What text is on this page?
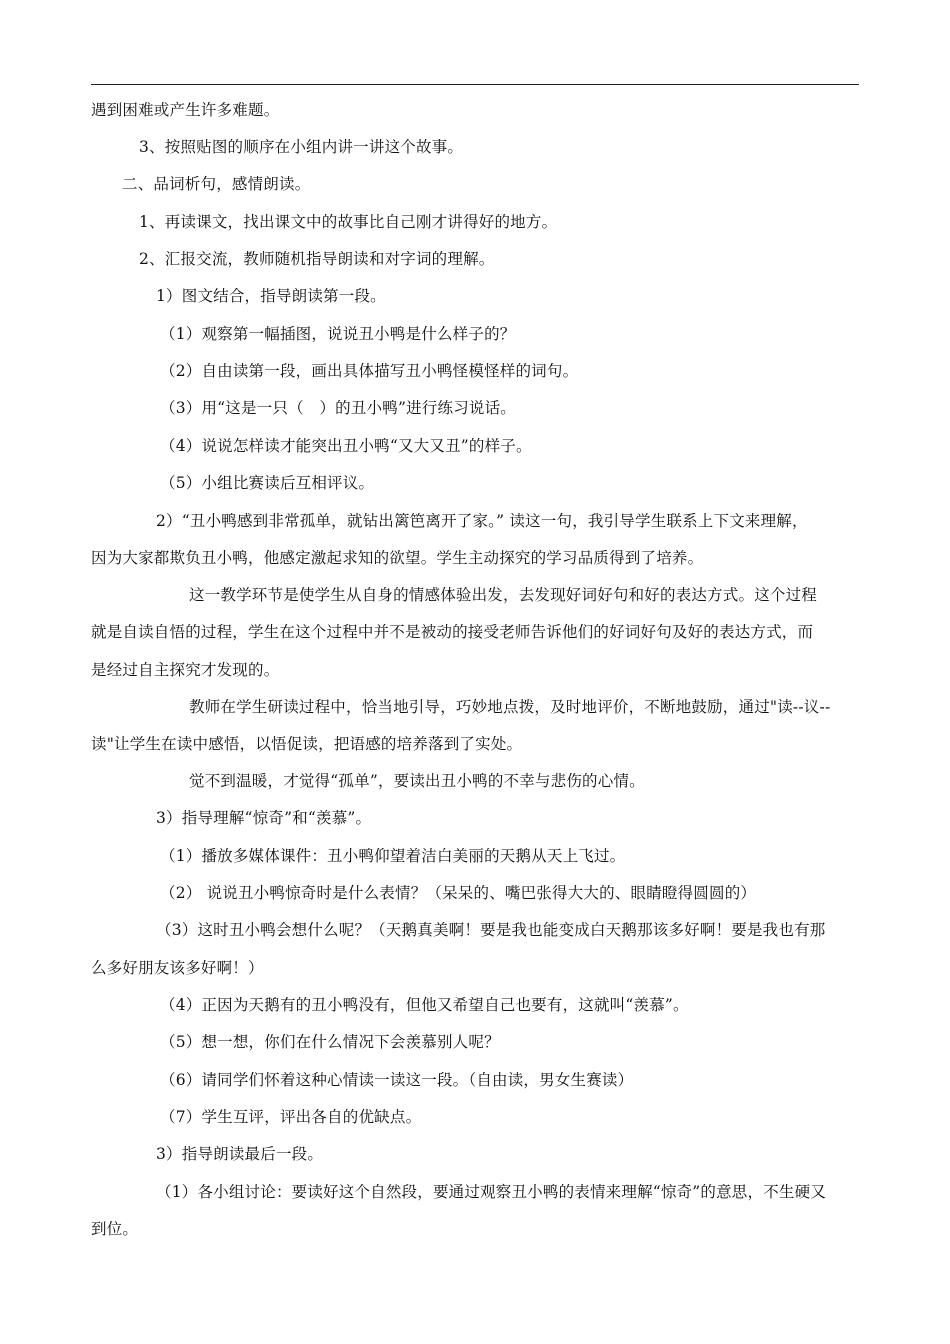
遇到困难或产生许多难题。
3、按照贴图的顺序在小组内讲一讲这个故事。
二、品词析句，感情朗读。
1、再读课文，找出课文中的故事比自己刚才讲得好的地方。
2、汇报交流，教师随机指导朗读和对字词的理解。
1）图文结合，指导朗读第一段。
（1）观察第一幅插图，说说丑小鸭是什么样子的？
（2）自由读第一段，画出具体描写丑小鸭怪模怪样的词句。
（3）用“这是一只（　）的丑小鸭”进行练习说话。
（4）说说怎样读才能突出丑小鸭“又大又丑”的样子。
（5）小组比赛读后互相评议。
2）“丑小鸭感到非常孤单，就钻出篱笆离开了家。” 读这一句，我引导学生联系上下文来理解，
因为大家都欺负丑小鸭，他感定激起求知的欲望。学生主动探究的学习品质得到了培养。
这一教学环节是使学生从自身的情感体验出发，去发现好词好句和好的表达方式。这个过程
就是自读自悟的过程，学生在这个过程中并不是被动的接受老师告诉他们的好词好句及好的表达方式，而
是经过自主探究才发现的。
教师在学生研读过程中，恰当地引导，巧妙地点拨，及时地评价，不断地鼓励，通过"读--议--
读"让学生在读中感悟，以悟促读，把语感的培养落到了实处。
觉不到温暖，才觉得“孤单”，要读出丑小鸭的不幸与悲伤的心情。
3）指导理解“惊奇”和“羡慕”。
（1）播放多媒体课件：丑小鸭仰望着洁白美丽的天鹅从天上飞过。
（2） 说说丑小鸭惊奇时是什么表情？（呆呆的、嘴巴张得大大的、眼睛瞪得圆圆的）
（3）这时丑小鸭会想什么呢？（天鹅真美啊！要是我也能变成白天鹅那该多好啊！要是我也有那
么多好朋友该多好啊！）
（4）正因为天鹅有的丑小鸭没有，但他又希望自己也要有，这就叫“羡慕”。
（5）想一想，你们在什么情况下会羡慕别人呢？
（6）请同学们怀着这种心情读一读这一段。（自由读，男女生赛读）
（7）学生互评，评出各自的优缺点。
3）指导朗读最后一段。
（1）各小组讨论：要读好这个自然段，要通过观察丑小鸭的表情来理解“惊奇”的意思，不生硬又
到位。
